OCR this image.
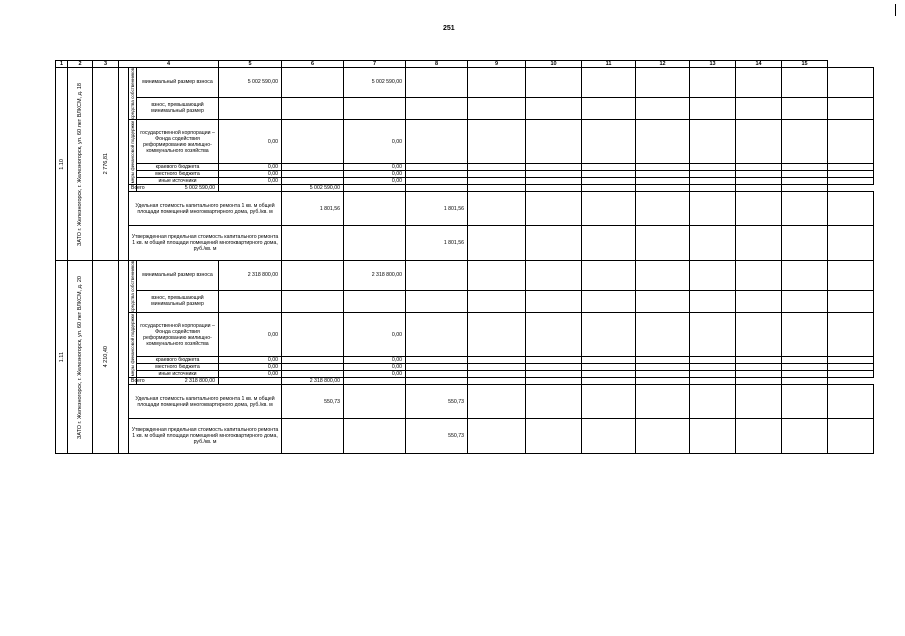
251
1	2	3	4			5	6	7	8	9	10	11	12	13	14	15		

1.10	ЗАТО г. Железногорск, г. Железногорск, ул. 60 лет ВЛКСМ, д. 18	2 776,81		средства собственников	минимальный размер взноса	5 002 590,00		5 002 590,00										
					взнос, превышающий минимальный размер													

				меры финансовой поддержки	государственной корпорации – Фонда содействия реформированию жилищно-коммунального хозяйства	0,00		0,00										
					краевого бюджета	0,00		0,00										
					местного бюджета	0,00		0,00										
					иные источники	0,00		0,00										
				Всего	5 002 590,00		5 002 590,00											
				Удельная стоимость капитального ремонта 1 кв. м общей площади помещений многоквартирного дома, руб./кв. м			1 801,56		1 801,56									
				Утвержденная предельная стоимость капитального ремонта 1 кв. м общей площади помещений многоквартирного дома, руб./кв. м					1 801,56									

1.11	ЗАТО г. Железногорск, г. Железногорск, ул. 60 лет ВЛКСМ, д. 20	4 210,40		средства собственников	минимальный размер взноса	2 318 800,00		2 318 800,00										
					взнос, превышающий минимальный размер													

				меры финансовой поддержки	государственной корпорации – Фонда содействия реформированию жилищно-коммунального хозяйства	0,00		0,00										
					краевого бюджета	0,00		0,00										
					местного бюджета	0,00		0,00										
					иные источники	0,00		0,00										
				Всего	2 318 800,00		2 318 800,00											
				Удельная стоимость капитального ремонта 1 кв. м общей площади помещений многоквартирного дома, руб./кв. м			550,73		550,73									
				Утвержденная предельная стоимость капитального ремонта 1 кв. м общей площади помещений многоквартирного дома, руб./кв. м					550,73									
